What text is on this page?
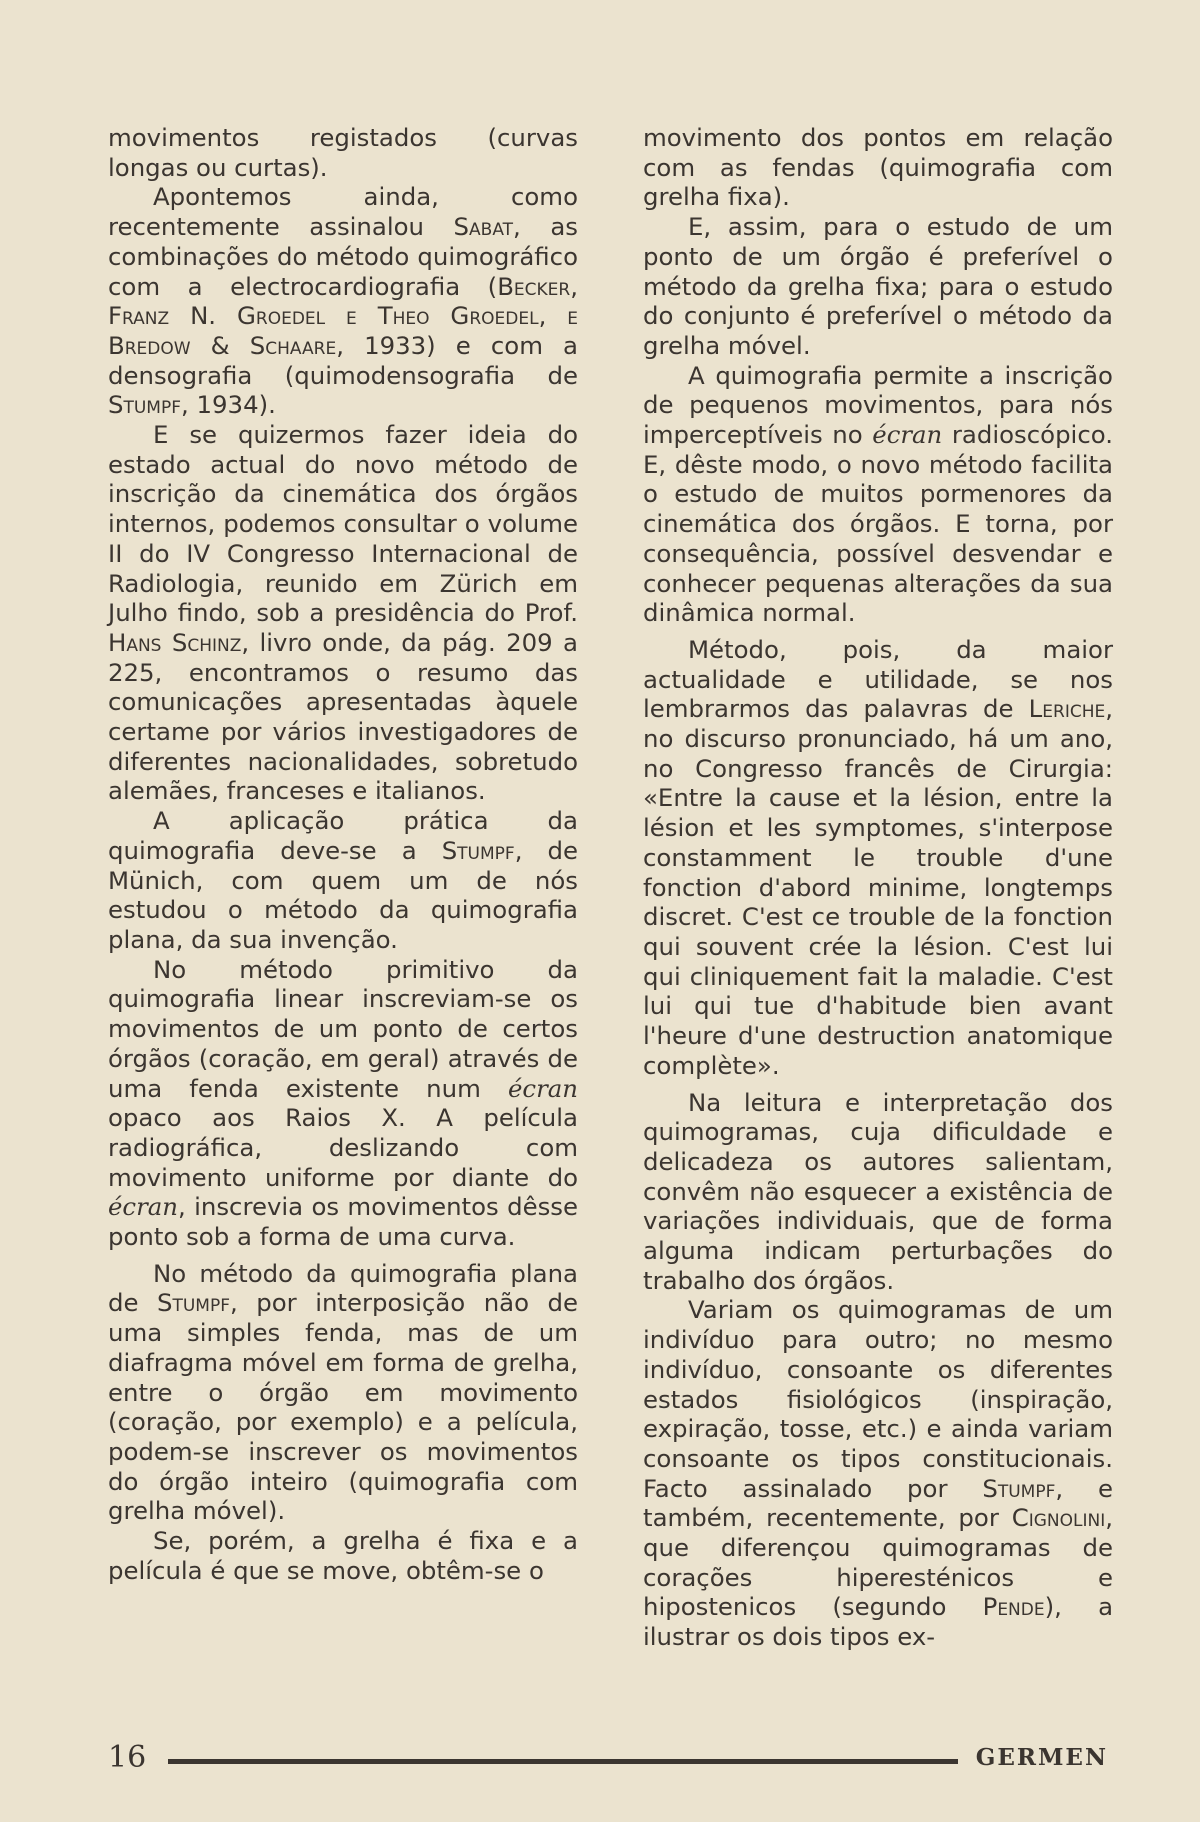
movimentos registados (curvas longas ou curtas).

Apontemos ainda, como recentemente assinalou Sabat, as combinações do método quimográfico com a electrocardiografia (Becker, Franz N. Groedel e Theo Groedel, e Bredow & Schaare, 1933) e com a densografia (quimodensografia de Stumpf, 1934).

E se quizermos fazer ideia do estado actual do novo método de inscrição da cinemática dos órgãos internos, podemos consultar o volume II do IV Congresso Internacional de Radiologia, reunido em Zürich em Julho findo, sob a presidência do Prof. Hans Schinz, livro onde, da pág. 209 a 225, encontramos o resumo das comunicações apresentadas àquele certame por vários investigadores de diferentes nacionalidades, sobretudo alemães, franceses e italianos.

A aplicação prática da quimografia deve-se a Stumpf, de Münich, com quem um de nós estudou o método da quimografia plana, da sua invenção.

No método primitivo da quimografia linear inscreviam-se os movimentos de um ponto de certos órgãos (coração, em geral) através de uma fenda existente num écran opaco aos Raios X. A película radiográfica, deslizando com movimento uniforme por diante do écran, inscrevia os movimentos dêsse ponto sob a forma de uma curva.

No método da quimografia plana de Stumpf, por interposição não de uma simples fenda, mas de um diafragma móvel em forma de grelha, entre o órgão em movimento (coração, por exemplo) e a película, podem-se inscrever os movimentos do órgão inteiro (quimografia com grelha móvel).

Se, porém, a grelha é fixa e a película é que se move, obtêm-se o

movimento dos pontos em relação com as fendas (quimografia com grelha fixa).

E, assim, para o estudo de um ponto de um órgão é preferível o método da grelha fixa; para o estudo do conjunto é preferível o método da grelha móvel.

A quimografia permite a inscrição de pequenos movimentos, para nós imperceptíveis no écran radioscópico. E, dêste modo, o novo método facilita o estudo de muitos pormenores da cinemática dos órgãos. E torna, por consequência, possível desvendar e conhecer pequenas alterações da sua dinâmica normal.

Método, pois, da maior actualidade e utilidade, se nos lembrarmos das palavras de Leriche, no discurso pronunciado, há um ano, no Congresso francês de Cirurgia: «Entre la cause et la lésion, entre la lésion et les symptomes, s'interpose constamment le trouble d'une fonction d'abord minime, longtemps discret. C'est ce trouble de la fonction qui souvent crée la lésion. C'est lui qui cliniquement fait la maladie. C'est lui qui tue d'habitude bien avant l'heure d'une destruction anatomique complète».

Na leitura e interpretação dos quimogramas, cuja dificuldade e delicadeza os autores salientam, convêm não esquecer a existência de variações individuais, que de forma alguma indicam perturbações do trabalho dos órgãos.

Variam os quimogramas de um indivíduo para outro; no mesmo indivíduo, consoante os diferentes estados fisiológicos (inspiração, expiração, tosse, etc.) e ainda variam consoante os tipos constitucionais. Facto assinalado por Stumpf, e também, recentemente, por Cignolini, que diferençou quimogramas de corações hiperesténicos e hipostenicos (segundo Pende), a ilustrar os dois tipos ex-

16	GERMEN
